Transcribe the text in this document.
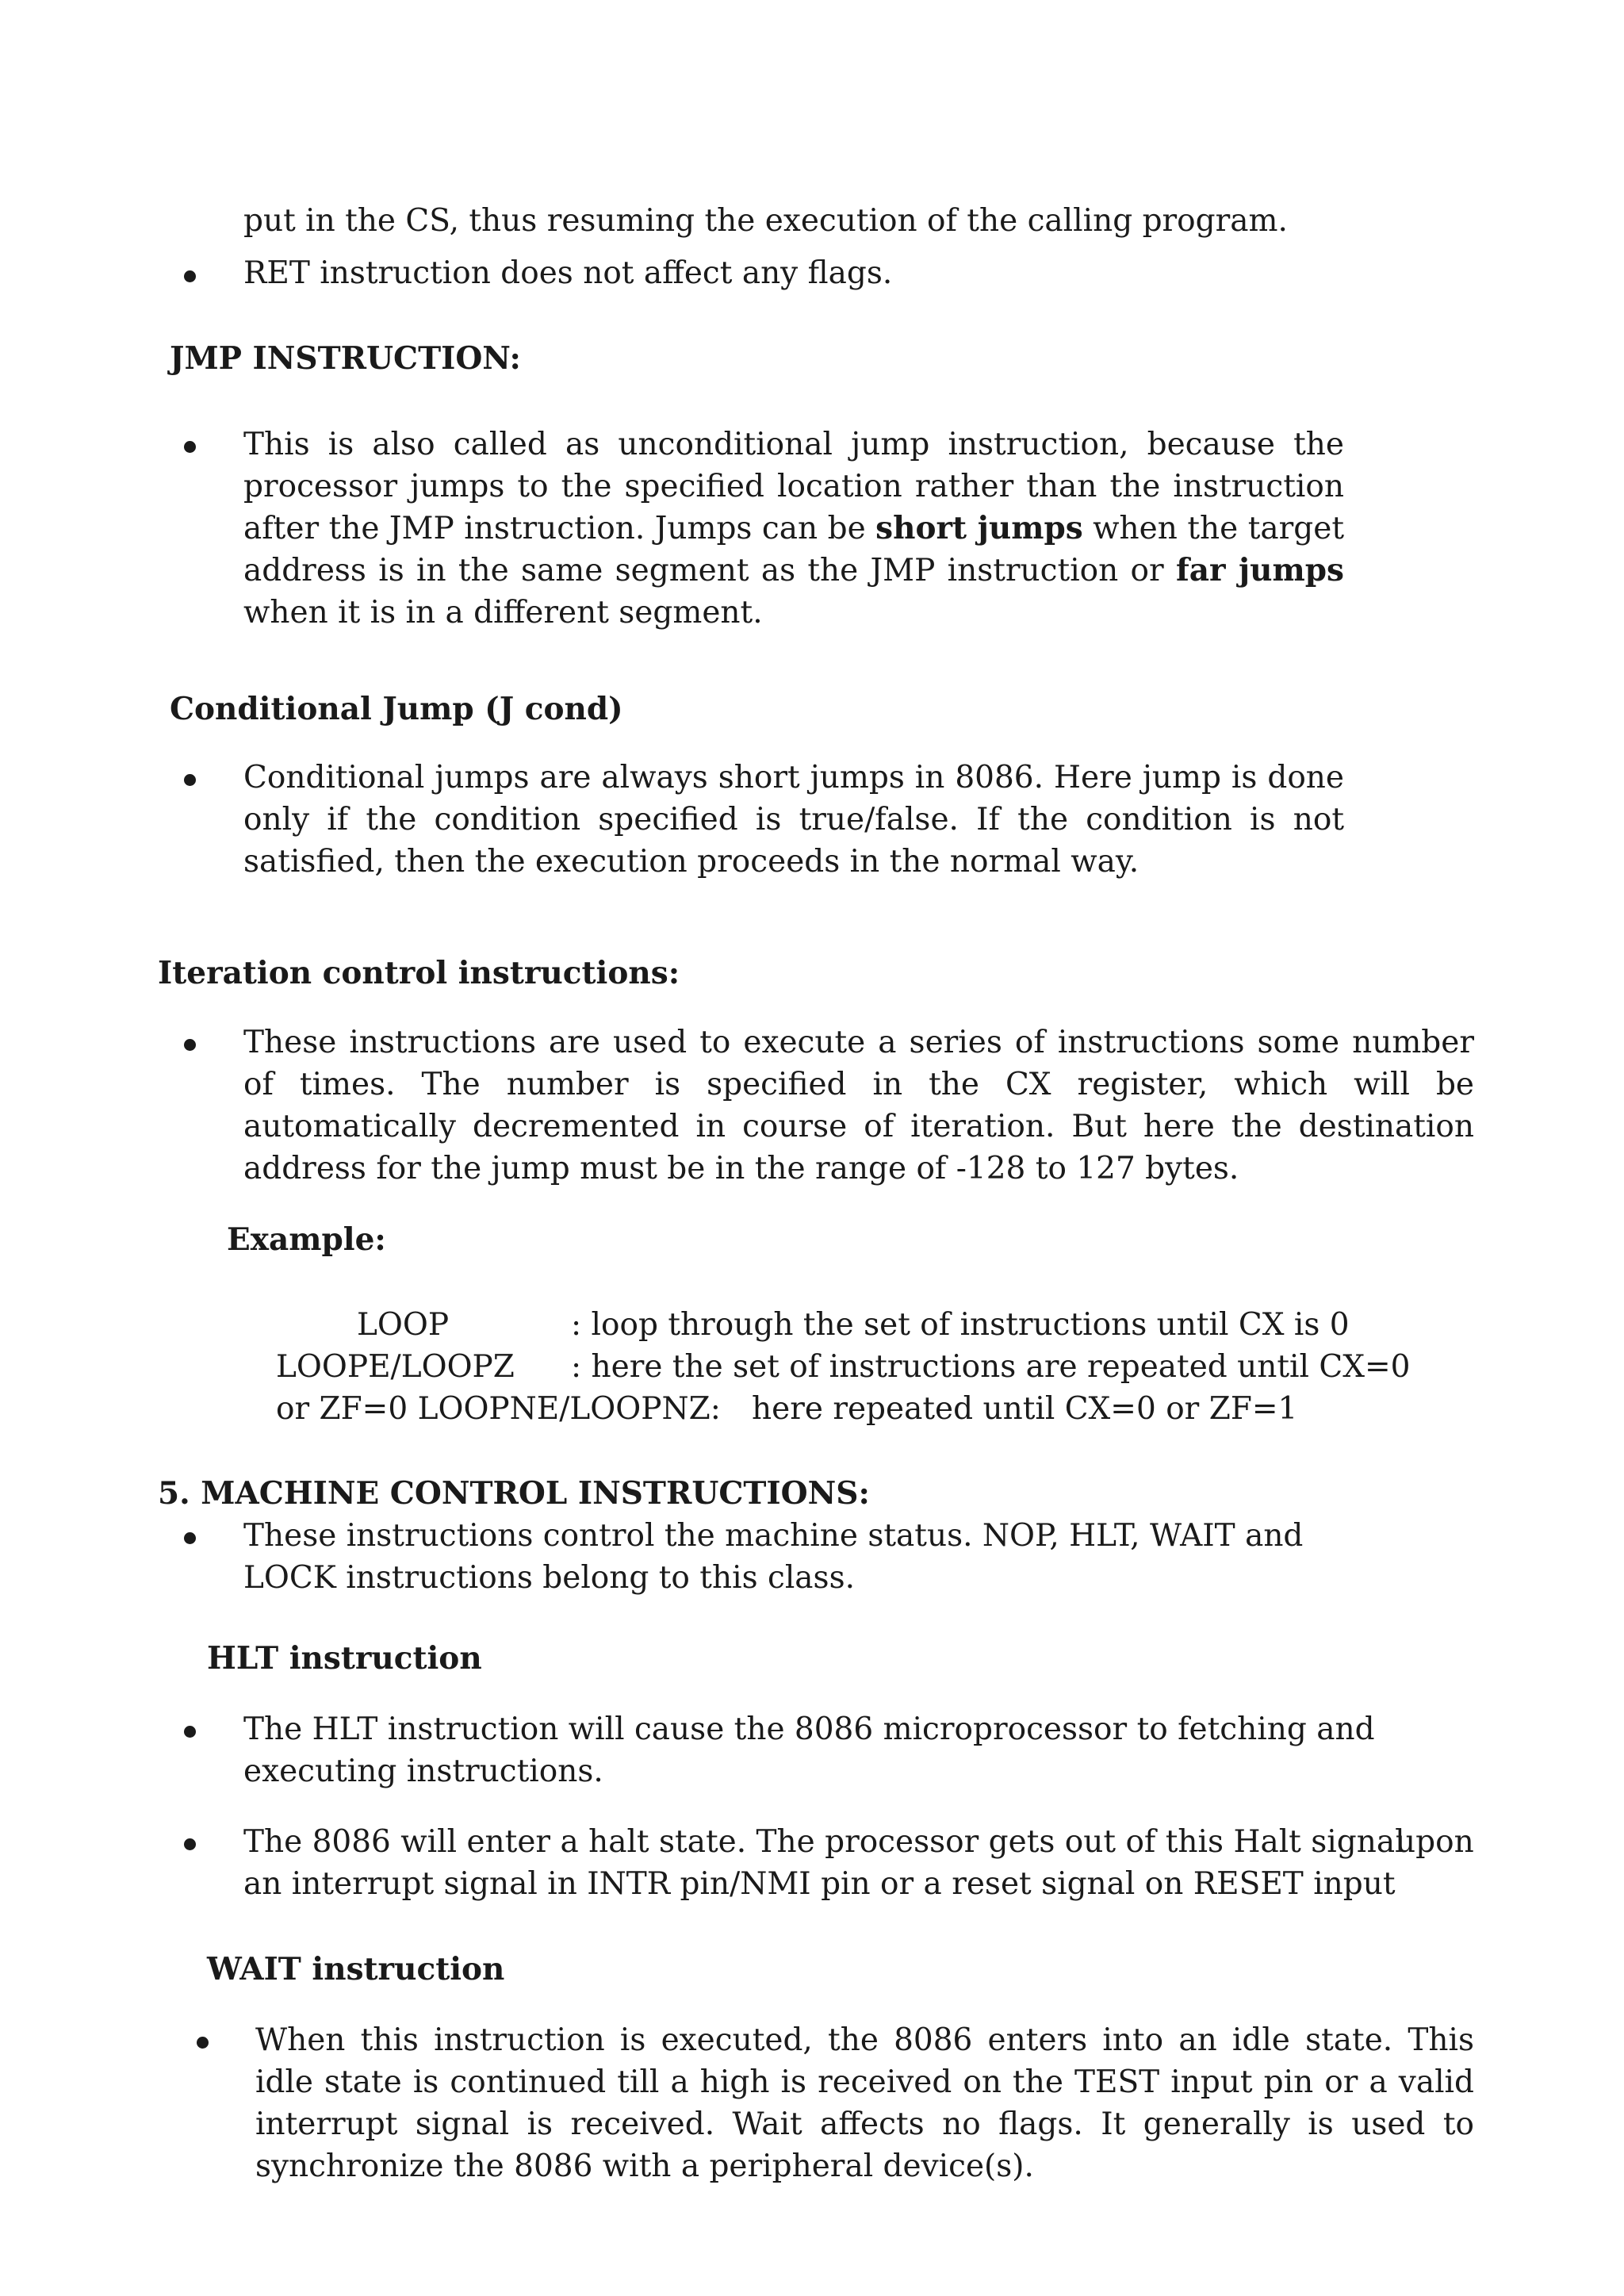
put in the CS, thus resuming the execution of the calling program.
RET instruction does not affect any flags.
JMP INSTRUCTION:

This is also called as unconditional jump instruction, because the processor jumps to the specified location rather than the instruction after the JMP instruction. Jumps can be short jumps when the target address is in the same segment as the JMP instruction or far jumps when it is in a different segment.

Conditional Jump (J cond)

Conditional jumps are always short jumps in 8086. Here jump is done only if the condition specified is true/false. If the condition is not satisfied, then the execution proceeds in the normal way.

Iteration control instructions:

These instructions are used to execute a series of instructions some number of times. The number is specified in the CX register, which will be automatically decremented in course of iteration. But here the destination address for the jump must be in the range of -128 to 127 bytes.

Example:
LOOP	: loop through the set of instructions until CX is 0
LOOPE/LOOPZ : here the set of instructions are repeated until CX=0
or ZF=0 LOOPNE/LOOPNZ: here repeated until CX=0 or ZF=1
5. MACHINE CONTROL INSTRUCTIONS:

These instructions control the machine status. NOP, HLT, WAIT and LOCK instructions belong to this class.

HLT instruction

The HLT instruction will cause the 8086 microprocessor to fetching and executing instructions.

The 8086 will enter a halt state. The processor gets out of this Halt signal
upon
an interrupt signal in INTR pin/NMI pin or a reset signal on RESET input
WAIT instruction

When this instruction is executed, the 8086 enters into an idle state. This idle state is continued till a high is received on the TEST input pin or a valid interrupt signal is received. Wait affects no flags. It generally is used to synchronize the 8086 with a peripheral device(s).
